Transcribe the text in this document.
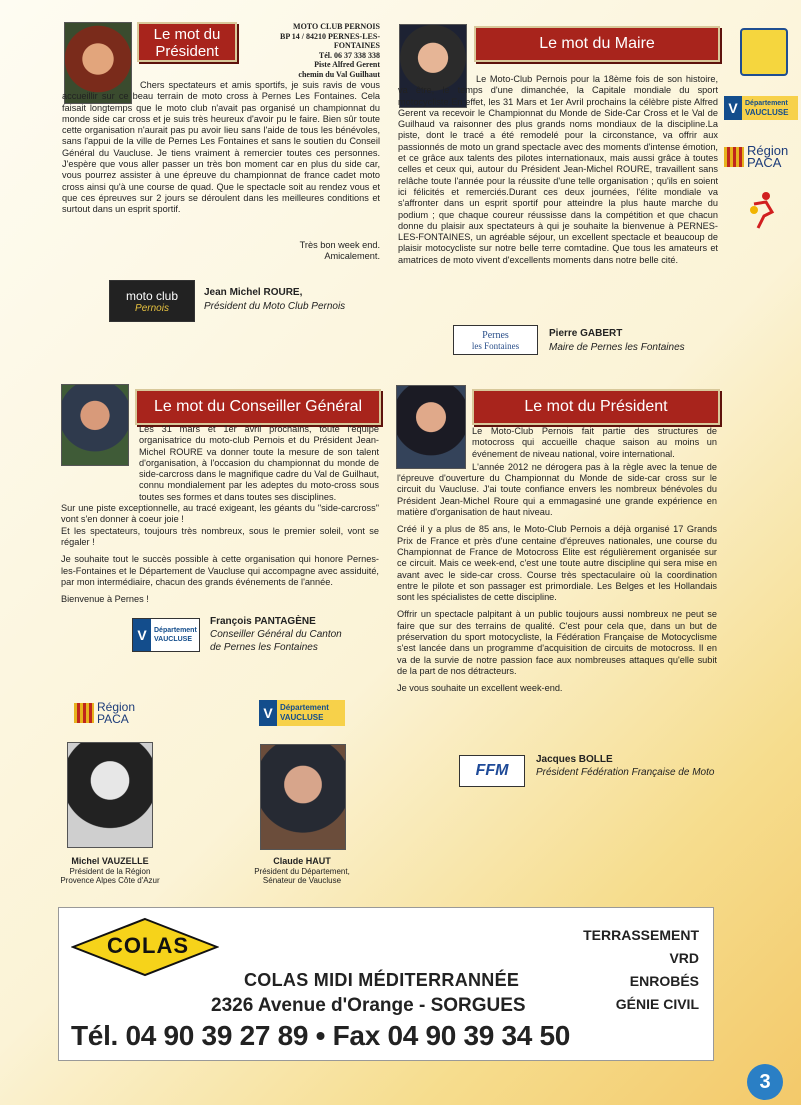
Le mot du Président
MOTO CLUB PERNOIS
BP 14 / 84210 PERNES-LES-FONTAINES
Tél. 06 37 338 338
Piste Alfred Gerent
chemin du Val Guilhaut

Chers spectateurs et amis sportifs, je suis ravis de vous accueillir sur ce beau terrain de moto cross à Pernes Les Fontaines. Cela faisait longtemps que le moto club n'avait pas organisé un championnat du monde side car cross et je suis très heureux d'avoir pu le faire. Bien sûr toute cette organisation n'aurait pas pu avoir lieu sans l'aide de tous les bénévoles, sans l'appui de la ville de Pernes Les Fontaines et sans le soutien du Conseil Général du Vaucluse. Je tiens vraiment à remercier toutes ces personnes. J'espère que vous aller passer un très bon moment car en plus du side car, vous pourrez assister à une épreuve du championnat de france cadet moto cross ainsi qu'à une course de quad. Que le spectacle soit au rendez vous et que ces épreuves sur 2 jours se déroulent dans les meilleures conditions et surtout dans un esprit sportif.

Très bon week end.
Amicalement.
moto club
Pernois
Jean Michel ROURE,
Président du Moto Club Pernois
Le mot du Maire

Le Moto-Club Pernois pour la 18ème fois de son histoire, va être, le temps d'une dimanchée, la Capitale mondiale du sport motocycliste.En effet, les 31 Mars et 1er Avril prochains la célèbre piste Alfred Gerent va recevoir le Championnat du Monde de Side-Car Cross et le Val de Guilhaud va raisonner des plus grands noms mondiaux de la discipline.La piste, dont le tracé a été remodelé pour la circonstance, va offrir aux passionnés de moto un grand spectacle avec des moments d'intense émotion, et ce grâce aux talents des pilotes internationaux, mais aussi grâce à toutes celles et ceux qui, autour du Président Jean-Michel ROURE, travaillent sans relâche toute l'année pour la réussite d'une telle organisation ; qu'ils en soient ici félicités et remerciés.Durant ces deux journées, l'élite mondiale va s'affronter dans un esprit sportif pour atteindre la plus haute marche du podium ; que chaque coureur réussisse dans la compétition et que chacun donne du plaisir aux spectateurs à qui je souhaite la bienvenue à PERNES-LES-FONTAINES, un agréable séjour, un excellent spectacle et beaucoup de plaisir motocycliste sur notre belle terre comtadine. Que tous les amateurs et amatrices de moto vivent d'excellents moments dans notre belle cité.

Pernes
les Fontaines
Pierre GABERT
Maire de Pernes les Fontaines
V	Département
VAUCLUSE
Région
PACA
Le mot du Conseiller Général

Les 31 mars et 1er avril prochains, toute l'équipe organisatrice du moto-club Pernois et du Président Jean-Michel ROURE va donner toute la mesure de son talent d'organisation, à l'occasion du championnat du monde de side-carcross dans le magnifique cadre du Val de Guilhaut, connu mondialement par les adeptes du moto-cross sous toutes ses formes et dans toutes ses disciplines.

Sur une piste exceptionnelle, au tracé exigeant, les géants du "side-carcross" vont s'en donner à coeur joie !

Et les spectateurs, toujours très nombreux, sous le premier soleil, vont se régaler !

Je souhaite tout le succès possible à cette organisation qui honore Pernes-les-Fontaines et le Département de Vaucluse qui accompagne avec assiduité, par mon intermédiaire, chacun des grands événements de l'année.

Bienvenue à Pernes !

V	Département
VAUCLUSE
François PANTAGÈNE
Conseiller Général du Canton
de Pernes les Fontaines
Le mot du Président

Le Moto-Club Pernois fait partie des structures de motocross qui accueille chaque saison au moins un événement de niveau national, voire international.

L'année 2012 ne dérogera pas à la règle avec la tenue de l'épreuve d'ouverture du Championnat du Monde de side-car cross sur le circuit du Vaucluse. J'ai toute confiance envers les nombreux bénévoles du Président Jean-Michel Roure qui a emmagasiné une grande expérience en matière d'organisation de haut niveau.

Créé il y a plus de 85 ans, le Moto-Club Pernois a déjà organisé 17 Grands Prix de France et près d'une centaine d'épreuves nationales, une course du Championnat de France de Motocross Elite est régulièrement organisée sur ce circuit. Mais ce week-end, c'est une toute autre discipline qui sera mise en avant avec le side-car cross. Course très spectaculaire où la coordination entre le pilote et son passager est primordiale. Les Belges et les Hollandais sont les spécialistes de cette discipline.

Offrir un spectacle palpitant à un public toujours aussi nombreux ne peut se faire que sur des terrains de qualité. C'est pour cela que, dans un but de préservation du sport motocycliste, la Fédération Française de Motocyclisme s'est lancée dans un programme d'acquisition de circuits de motocross. Il en va de la survie de notre passion face aux nombreuses attaques qu'elle subit de la part de nos détracteurs.

Je vous souhaite un excellent week-end.

FFM
Jacques BOLLE
Président Fédération Française de Moto
Région
PACA	V Département
VAUCLUSE
Michel VAUZELLE
Président de la Région
Provence Alpes Côte d'Azur
Claude HAUT
Président du Département,
Sénateur de Vaucluse
COLAS
COLAS MIDI MÉDITERRANNÉE
2326 Avenue d'Orange - SORGUES
Tél. 04 90 39 27 89 • Fax 04 90 39 34 50
TERRASSEMENT
VRD
ENROBÉS
GÉNIE CIVIL
3
